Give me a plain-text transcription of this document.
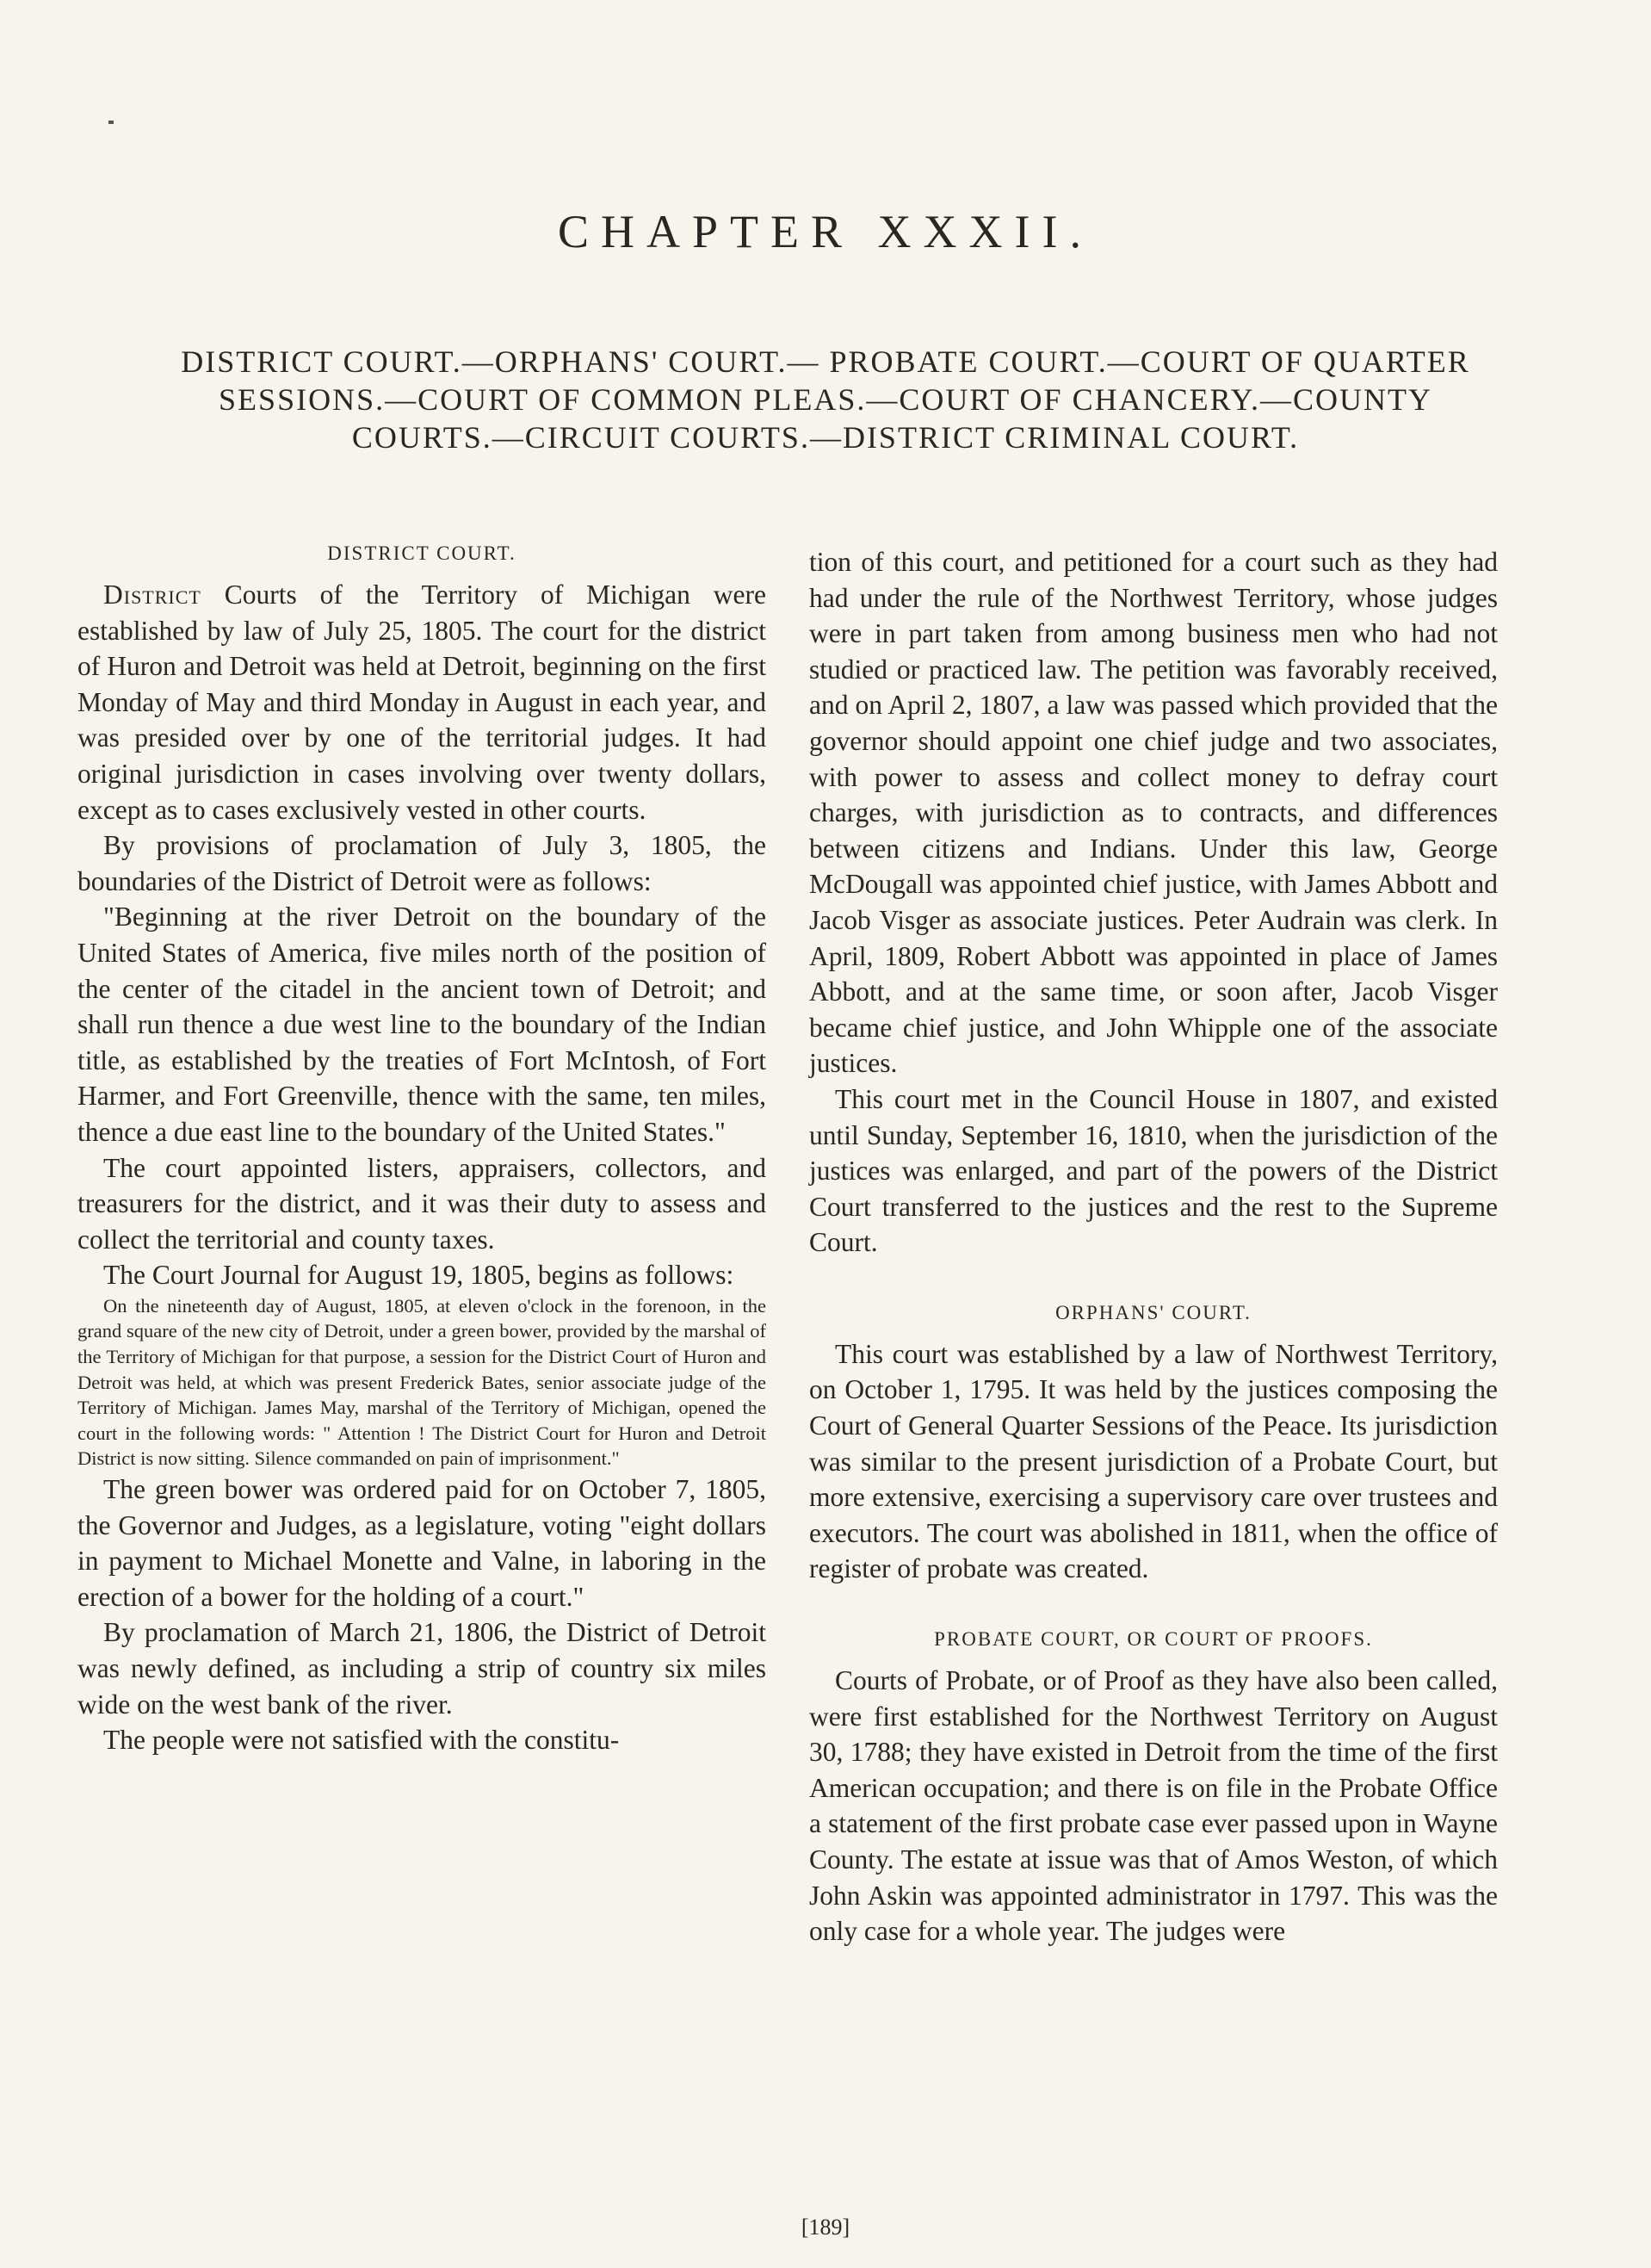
CHAPTER XXXII.
DISTRICT COURT.—ORPHANS' COURT.— PROBATE COURT.—COURT OF QUARTER
SESSIONS.—COURT OF COMMON PLEAS.—COURT OF CHANCERY.—COUNTY
COURTS.—CIRCUIT COURTS.—DISTRICT CRIMINAL COURT.
DISTRICT COURT.

District Courts of the Territory of Michigan were established by law of July 25, 1805. The court for the district of Huron and Detroit was held at Detroit, beginning on the first Monday of May and third Monday in August in each year, and was presided over by one of the territorial judges. It had original jurisdiction in cases involving over twenty dollars, except as to cases exclusively vested in other courts.

By provisions of proclamation of July 3, 1805, the boundaries of the District of Detroit were as follows:

"Beginning at the river Detroit on the boundary of the United States of America, five miles north of the position of the center of the citadel in the ancient town of Detroit; and shall run thence a due west line to the boundary of the Indian title, as established by the treaties of Fort McIntosh, of Fort Harmer, and Fort Greenville, thence with the same, ten miles, thence a due east line to the boundary of the United States."

The court appointed listers, appraisers, collectors, and treasurers for the district, and it was their duty to assess and collect the territorial and county taxes.

The Court Journal for August 19, 1805, begins as follows:

On the nineteenth day of August, 1805, at eleven o'clock in the forenoon, in the grand square of the new city of Detroit, under a green bower, provided by the marshal of the Territory of Michigan for that purpose, a session for the District Court of Huron and Detroit was held, at which was present Frederick Bates, senior associate judge of the Territory of Michigan. James May, marshal of the Territory of Michigan, opened the court in the following words: " Attention ! The District Court for Huron and Detroit District is now sitting. Silence commanded on pain of imprisonment."

The green bower was ordered paid for on October 7, 1805, the Governor and Judges, as a legislature, voting "eight dollars in payment to Michael Monette and Valne, in laboring in the erection of a bower for the holding of a court."

By proclamation of March 21, 1806, the District of Detroit was newly defined, as including a strip of country six miles wide on the west bank of the river.

The people were not satisfied with the constitu-

tion of this court, and petitioned for a court such as they had had under the rule of the Northwest Territory, whose judges were in part taken from among business men who had not studied or practiced law. The petition was favorably received, and on April 2, 1807, a law was passed which provided that the governor should appoint one chief judge and two associates, with power to assess and collect money to defray court charges, with jurisdiction as to contracts, and differences between citizens and Indians. Under this law, George McDougall was appointed chief justice, with James Abbott and Jacob Visger as associate justices. Peter Audrain was clerk. In April, 1809, Robert Abbott was appointed in place of James Abbott, and at the same time, or soon after, Jacob Visger became chief justice, and John Whipple one of the associate justices.

This court met in the Council House in 1807, and existed until Sunday, September 16, 1810, when the jurisdiction of the justices was enlarged, and part of the powers of the District Court transferred to the justices and the rest to the Supreme Court.

ORPHANS' COURT.

This court was established by a law of Northwest Territory, on October 1, 1795. It was held by the justices composing the Court of General Quarter Sessions of the Peace. Its jurisdiction was similar to the present jurisdiction of a Probate Court, but more extensive, exercising a supervisory care over trustees and executors. The court was abolished in 1811, when the office of register of probate was created.

PROBATE COURT, OR COURT OF PROOFS.

Courts of Probate, or of Proof as they have also been called, were first established for the Northwest Territory on August 30, 1788; they have existed in Detroit from the time of the first American occupation; and there is on file in the Probate Office a statement of the first probate case ever passed upon in Wayne County. The estate at issue was that of Amos Weston, of which John Askin was appointed administrator in 1797. This was the only case for a whole year. The judges were

[189]
